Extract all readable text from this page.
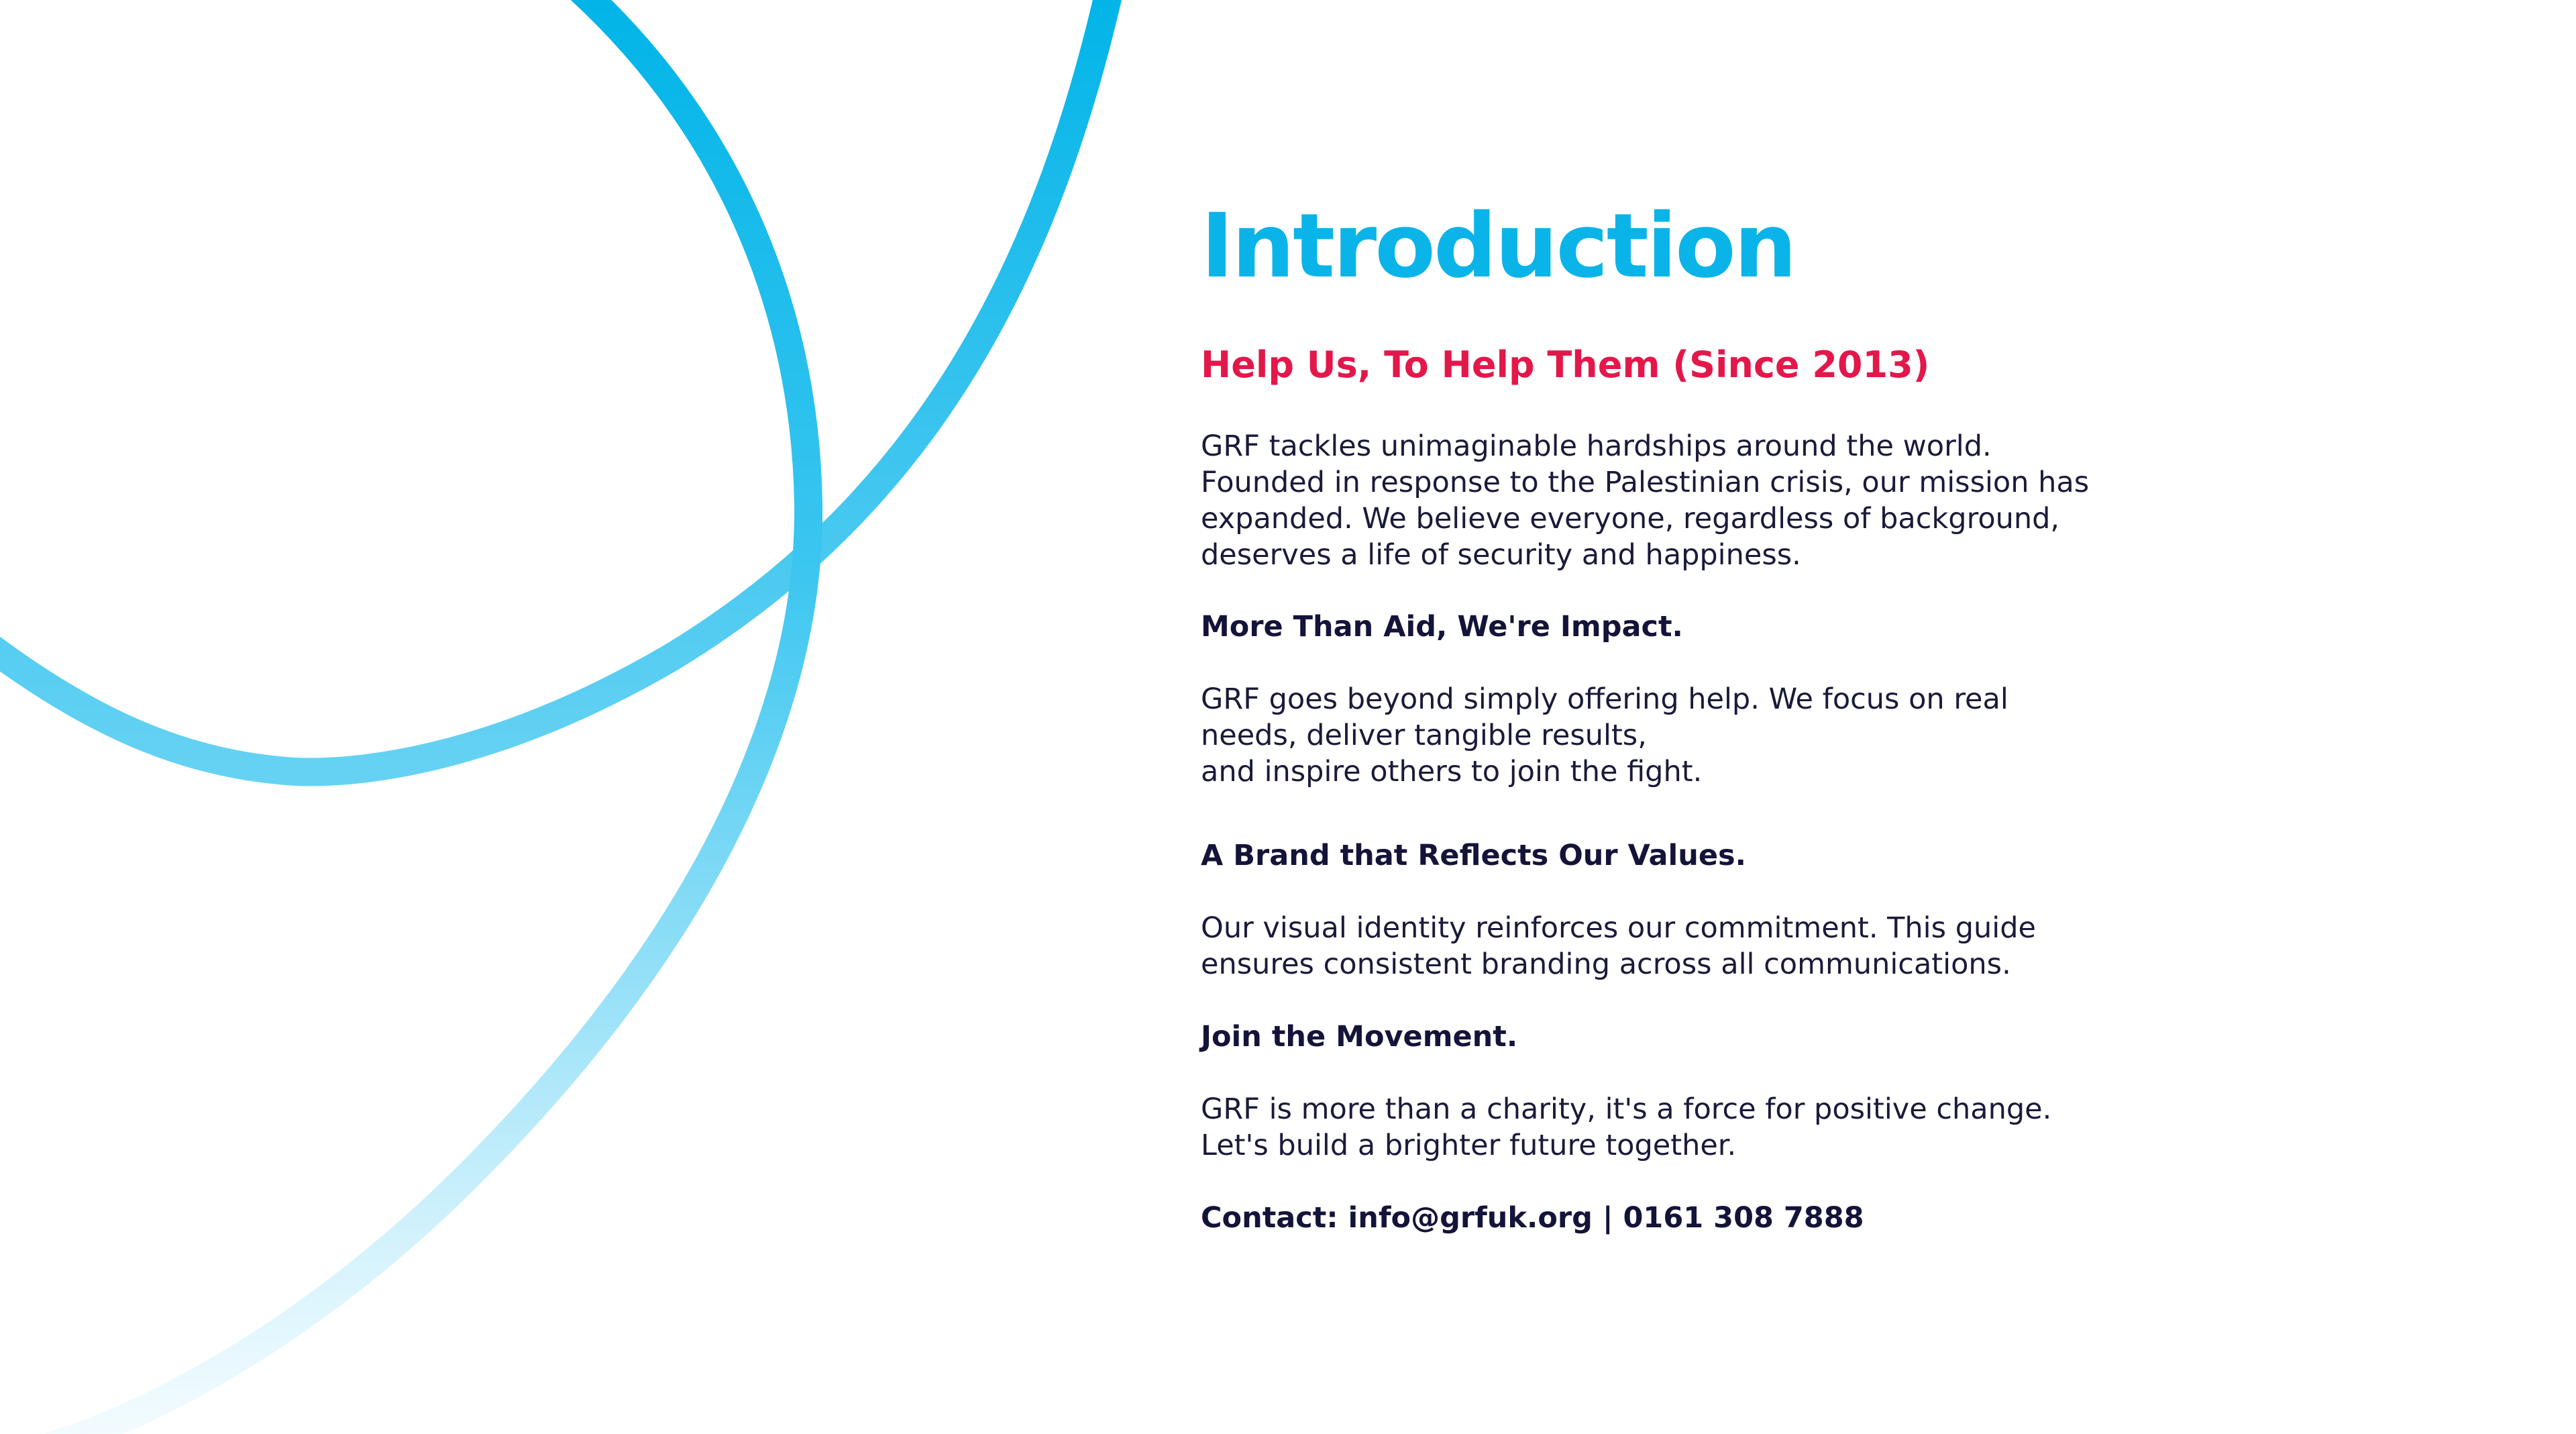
Introduction
Help Us, To Help Them (Since 2013)

GRF tackles unimaginable hardships around the world.
Founded in response to the Palestinian crisis, our mission has
expanded. We believe everyone, regardless of background,
deserves a life of security and happiness.

More Than Aid, We're Impact.

GRF goes beyond simply offering help. We focus on real
needs, deliver tangible results,
and inspire others to join the fight.

A Brand that Reflects Our Values.

Our visual identity reinforces our commitment. This guide
ensures consistent branding across all communications.

Join the Movement.

GRF is more than a charity, it's a force for positive change.
Let's build a brighter future together.

Contact: info@grfuk.org | 0161 308 7888
